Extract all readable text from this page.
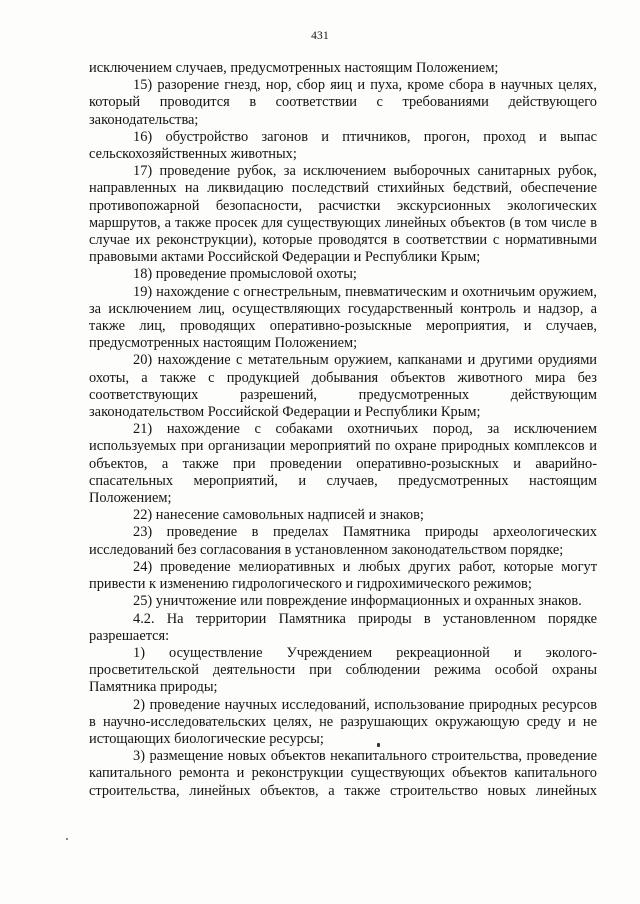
431

исключением случаев, предусмотренных настоящим Положением;

15) разорение гнезд, нор, сбор яиц и пуха, кроме сбора в научных целях, который проводится в соответствии с требованиями действующего законодательства;

16) обустройство загонов и птичников, прогон, проход и выпас сельскохозяйственных животных;

17) проведение рубок, за исключением выборочных санитарных рубок, направленных на ликвидацию последствий стихийных бедствий, обеспечение противопожарной безопасности, расчистки экскурсионных экологических маршрутов, а также просек для существующих линейных объектов (в том числе в случае их реконструкции), которые проводятся в соответствии с нормативными правовыми актами Российской Федерации и Республики Крым;

18) проведение промысловой охоты;

19) нахождение с огнестрельным, пневматическим и охотничьим оружием, за исключением лиц, осуществляющих государственный контроль и надзор, а также лиц, проводящих оперативно-розыскные мероприятия, и случаев, предусмотренных настоящим Положением;

20) нахождение с метательным оружием, капканами и другими орудиями охоты, а также с продукцией добывания объектов животного мира без соответствующих разрешений, предусмотренных действующим законодательством Российской Федерации и Республики Крым;

21) нахождение с собаками охотничьих пород, за исключением используемых при организации мероприятий по охране природных комплексов и объектов, а также при проведении оперативно-розыскных и аварийно-спасательных мероприятий, и случаев, предусмотренных настоящим Положением;

22) нанесение самовольных надписей и знаков;

23) проведение в пределах Памятника природы археологических исследований без согласования в установленном законодательством порядке;

24) проведение мелиоративных и любых других работ, которые могут привести к изменению гидрологического и гидрохимического режимов;

25) уничтожение или повреждение информационных и охранных знаков.

4.2. На территории Памятника природы в установленном порядке разрешается:

1) осуществление Учреждением рекреационной и эколого-просветительской деятельности при соблюдении режима особой охраны Памятника природы;

2) проведение научных исследований, использование природных ресурсов в научно-исследовательских целях, не разрушающих окружающую среду и не истощающих биологические ресурсы;

3) размещение новых объектов некапитального строительства, проведение капитального ремонта и реконструкции существующих объектов капитального строительства, линейных объектов, а также строительство новых линейных
